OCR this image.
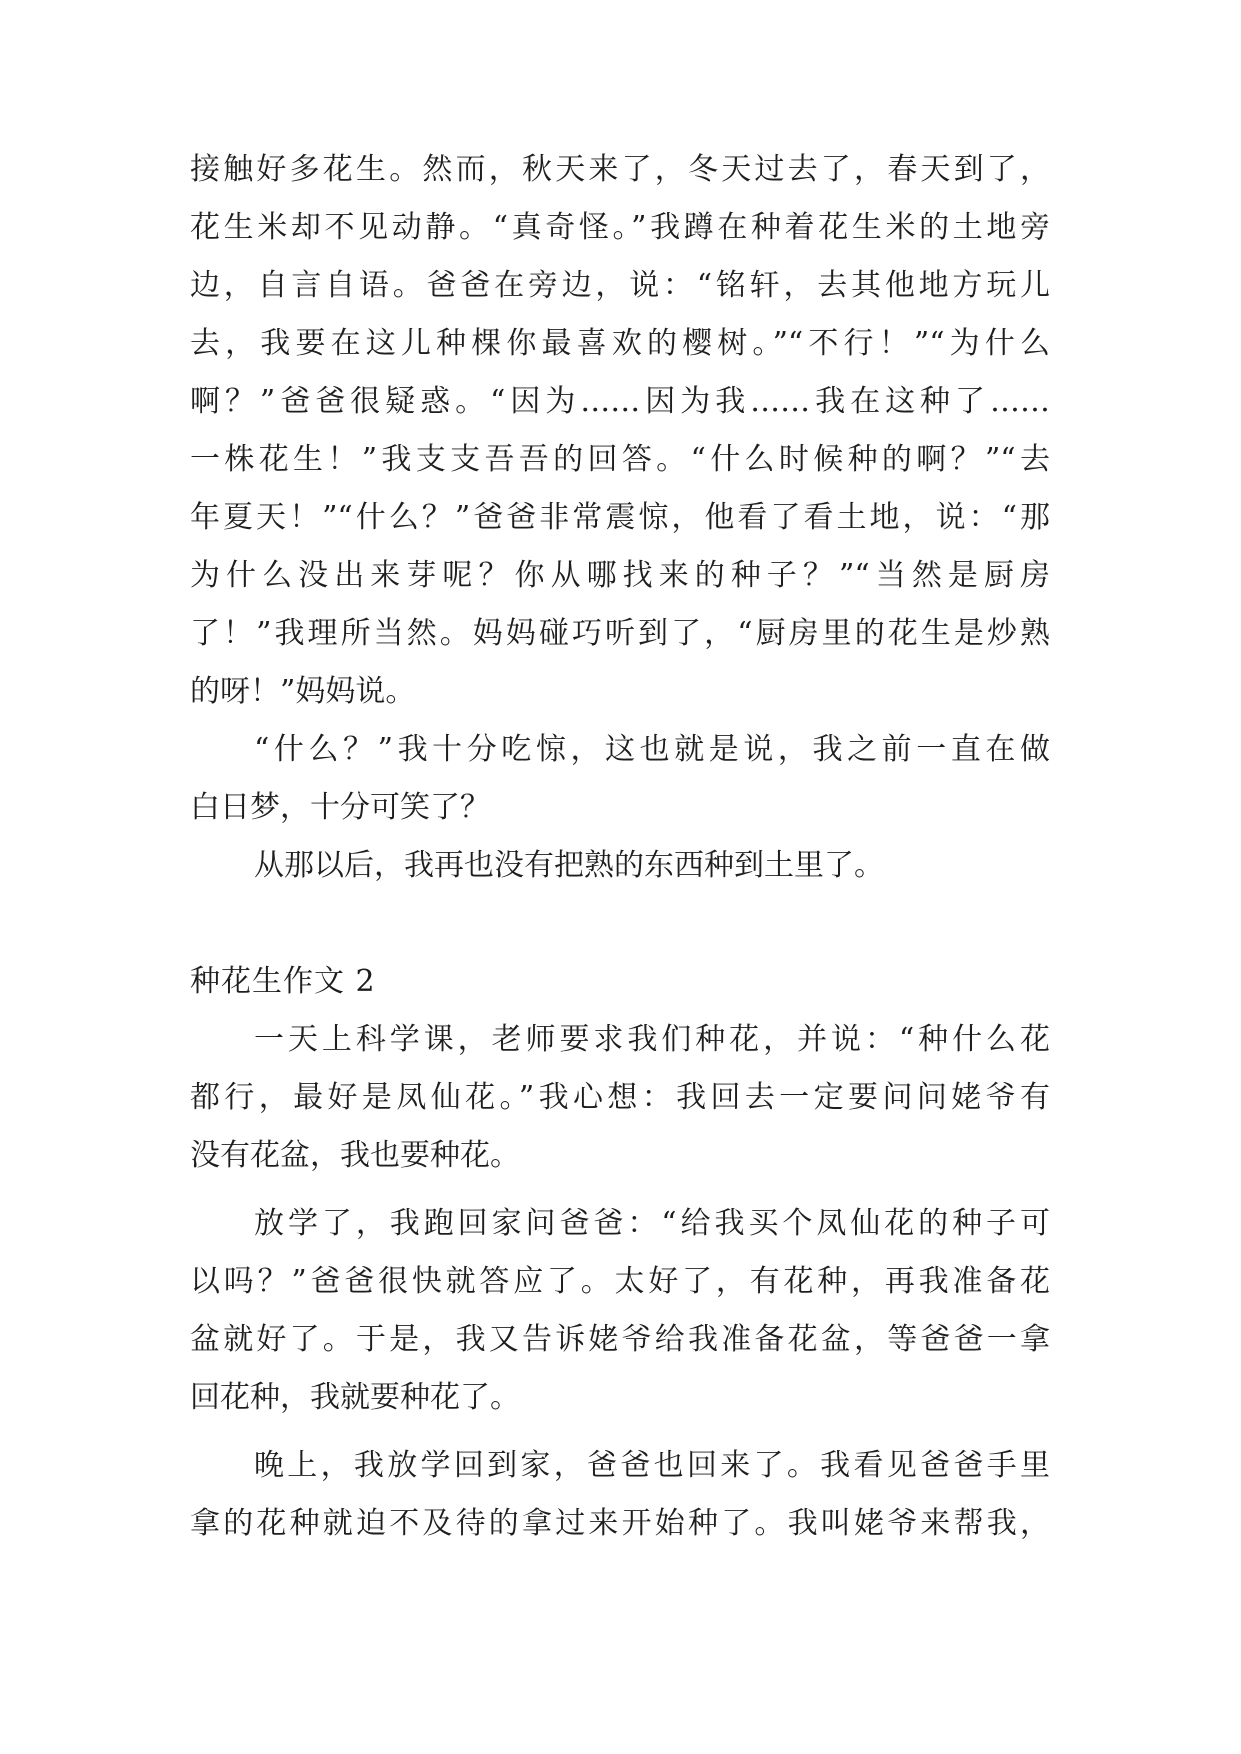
接触好多花生。然而，秋天来了，冬天过去了，春天到了，
花生米却不见动静。“真奇怪。”我蹲在种着花生米的土地旁
边，自言自语。爸爸在旁边，说：“铭轩，去其他地方玩儿
去，我要在这儿种棵你最喜欢的樱树。”“不行！”“为什么
啊？”爸爸很疑惑。“因为……因为我……我在这种了……
一株花生！”我支支吾吾的回答。“什么时候种的啊？”“去
年夏天！”“什么？”爸爸非常震惊，他看了看土地，说：“那
为什么没出来芽呢？你从哪找来的种子？”“当然是厨房
了！”我理所当然。妈妈碰巧听到了，“厨房里的花生是炒熟
的呀！”妈妈说。
“什么？”我十分吃惊，这也就是说，我之前一直在做
白日梦，十分可笑了？
从那以后，我再也没有把熟的东西种到土里了。
种花生作文 2
一天上科学课，老师要求我们种花，并说：“种什么花
都行，最好是凤仙花。”我心想：我回去一定要问问姥爷有
没有花盆，我也要种花。
放学了，我跑回家问爸爸：“给我买个凤仙花的种子可
以吗？”爸爸很快就答应了。太好了，有花种，再我准备花
盆就好了。于是，我又告诉姥爷给我准备花盆，等爸爸一拿
回花种，我就要种花了。
晚上，我放学回到家，爸爸也回来了。我看见爸爸手里
拿的花种就迫不及待的拿过来开始种了。我叫姥爷来帮我，
